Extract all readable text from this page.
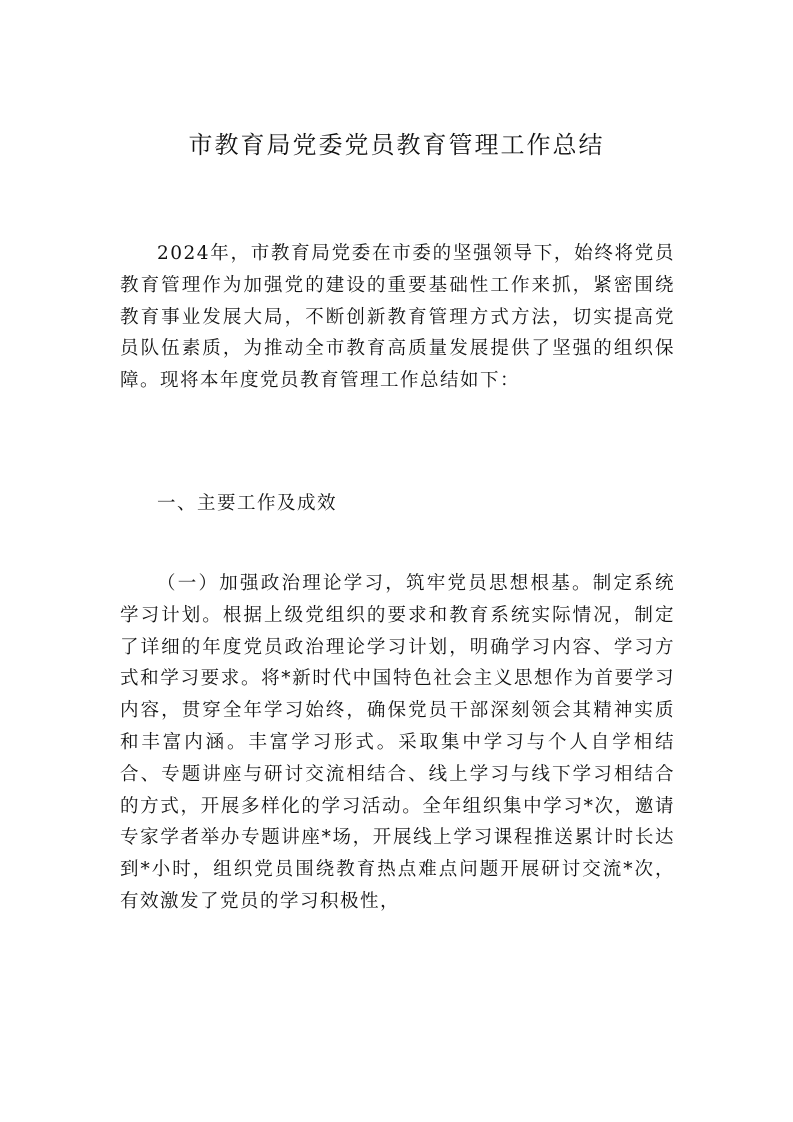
市教育局党委党员教育管理工作总结

2024年，市教育局党委在市委的坚强领导下，始终将党员教育管理作为加强党的建设的重要基础性工作来抓，紧密围绕教育事业发展大局，不断创新教育管理方式方法，切实提高党员队伍素质，为推动全市教育高质量发展提供了坚强的组织保障。现将本年度党员教育管理工作总结如下：

一、主要工作及成效

（一）加强政治理论学习，筑牢党员思想根基。制定系统学习计划。根据上级党组织的要求和教育系统实际情况，制定了详细的年度党员政治理论学习计划，明确学习内容、学习方式和学习要求。将*新时代中国特色社会主义思想作为首要学习内容，贯穿全年学习始终，确保党员干部深刻领会其精神实质和丰富内涵。丰富学习形式。采取集中学习与个人自学相结合、专题讲座与研讨交流相结合、线上学习与线下学习相结合的方式，开展多样化的学习活动。全年组织集中学习*次，邀请专家学者举办专题讲座*场，开展线上学习课程推送累计时长达到*小时，组织党员围绕教育热点难点问题开展研讨交流*次，有效激发了党员的学习积极性，
